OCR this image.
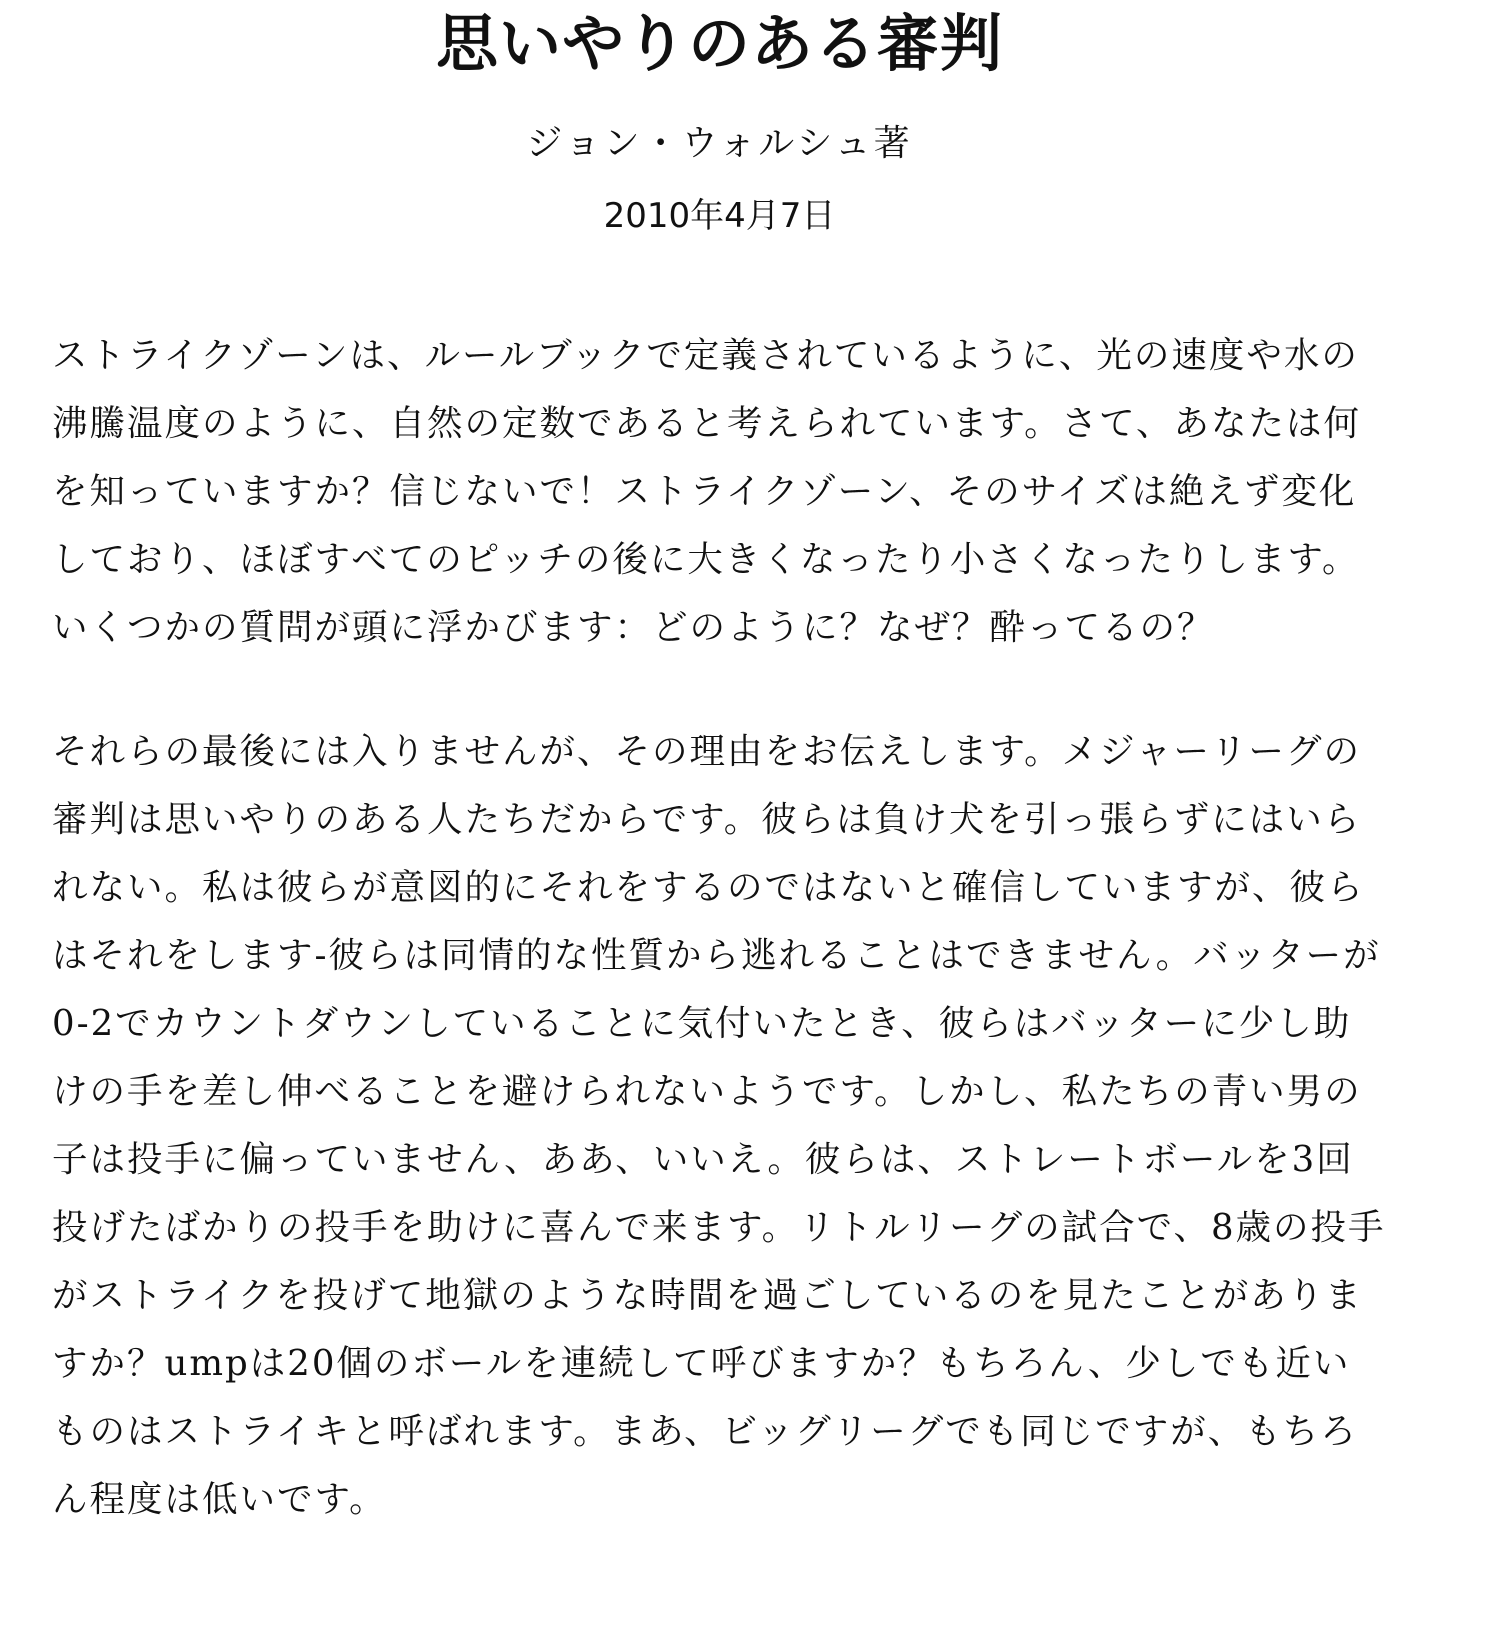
思いやりのある審判
ジョン・ウォルシュ著
2010年4月7日

ストライクゾーンは、ルールブックで定義されているように、光の速度や水の沸騰温度のように、自然の定数であると考えられています。さて、あなたは何を知っていますか？信じないで！ストライクゾーン、そのサイズは絶えず変化しており、ほぼすべてのピッチの後に大きくなったり小さくなったりします。いくつかの質問が頭に浮かびます：どのように？なぜ？酔ってるの？

それらの最後には入りませんが、その理由をお伝えします。メジャーリーグの審判は思いやりのある人たちだからです。彼らは負け犬を引っ張らずにはいられない。私は彼らが意図的にそれをするのではないと確信していますが、彼らはそれをします-彼らは同情的な性質から逃れることはできません。バッターが0-2でカウントダウンしていることに気付いたとき、彼らはバッターに少し助けの手を差し伸べることを避けられないようです。しかし、私たちの青い男の子は投手に偏っていません、ああ、いいえ。彼らは、ストレートボールを3回投げたばかりの投手を助けに喜んで来ます。リトルリーグの試合で、8歳の投手がストライクを投げて地獄のような時間を過ごしているのを見たことがありますか？umpは20個のボールを連続して呼びますか？もちろん、少しでも近いものはストライキと呼ばれます。まあ、ビッグリーグでも同じですが、もちろん程度は低いです。
